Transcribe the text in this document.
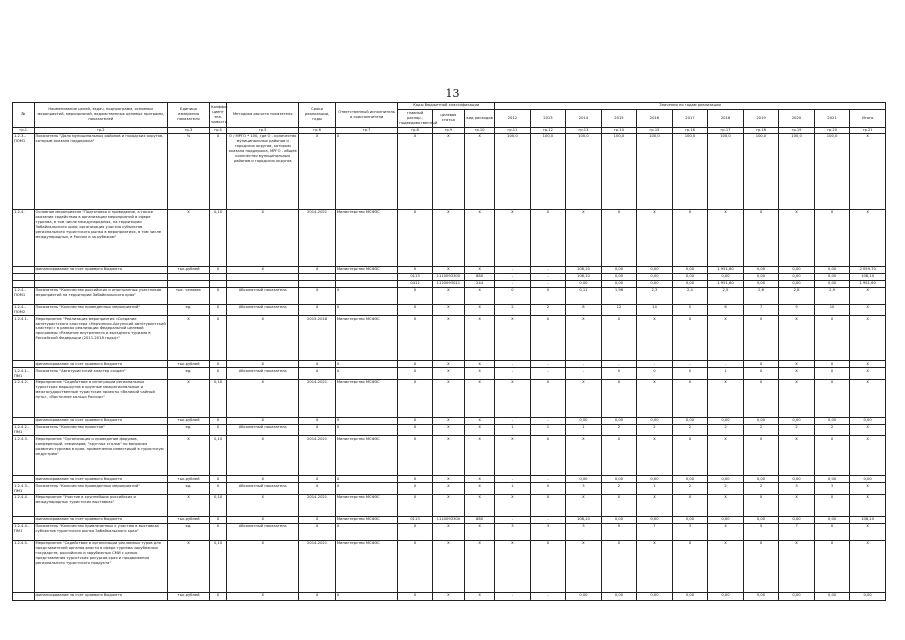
13
№	Наименование целей, задач, подпрограмм, основных мероприятий, мероприятий, ведомственных целевых программ, показателей	Единица измерения показателя	Коэффи- циент зна- чимости	Методика расчета показателя	Сроки реализации, годы	Ответственный исполнитель и соисполнители	Коды бюджетной классификации			Значения по годам реализации										
							главный распор., подведомственный	целевая статья	вид расходов	2012	2013	2014	2015	2016	2017	2018	2019	2020	2021	Итого
гр.1	гр.2	гр.3	гр.4	гр.5	гр.6	гр.7	гр.8	гр.9	гр.10	гр.11	гр.12	гр.13	гр.14	гр.15	гр.16	гр.17	гр.18	гр.19	гр.20	гр.21
1.2.3.-ПОМ1	Показатель "Доля муниципальных районов и городских округов, которым оказана поддержка"	%	X	О / МРГО * 100, где О - количество муниципальных районов и городских округов, которым оказана поддержка, МРГО - общее количество муниципальных районов и городских округов	X	X	X	X	X	100,0	100,0	100,0	100,0	100,0	100,0	100,0	100,0	100,0	100,0	X
1.2.4.	Основное мероприятие "Подготовка и проведение, а также оказание содействия в организации мероприятий в сфере туризма, в том числе международных, на территории Забайкальского края; организация участия субъектов регионального туристского рынка в мероприятиях, в том числе международных, в России и за рубежом"	X	0,10	X	2014-2021	Министерство МСФЗС	X	X	X	X	X	X	X	X	X	X	X	X	X	X
	финансирование за счет краевого бюджета	тыс.рублей	X	X	X	Министерство МСФЗС	X	X	X	-	-	108,10	0,00	0,00	0,00	1 951,60	0,00	0,00	0,00	2 059,70
							0113	1110093300	880	-	-	108,10	0,00	0,00	0,00	0,00	0,00	0,00	0,00	108,10
							0412	1120093011	244	-	-	0,00	0,00	0,00	0,00	1 951,60	0,00	0,00	0,00	1 951,60
1.2.4.-ПОМ1	Показатель "Количество российских и иностранных участников мероприятий на территории Забайкальского края"	тыс. человек	X	Абсолютный показатель	X	X	X	X	X	0	0	0,11	1,96	2,3	2,4	2,5	2,6	2,8	2,9	X
1.2.4.-ПОМ2	Показатель "Количество проведенных мероприятий"	ед.	X	Абсолютный показатель	X	X	X	X	X	2	2	8	12	14	5	6	7	9	10	X
1.2.4.1.	Мероприятие "Реализация мероприятия «Создание автотуристского кластера «Нерчинско-Аргунский автотуристский кластер»» в рамках реализации Федеральной целевой программы «Развитие внутреннего и въездного туризма в Российской Федерации (2011-2018 годы)»"	X	X	X	2015-2018	Министерство МСФЗС	X	X	X	X	X	X	X	X	X	X	X	X	X	X
	финансирование за счет краевого бюджета	тыс.рублей	X	X	X	X	X	X	X	-	-	-	-	-	-	-	X	X	X	X
1.2.4.1.-ПМ1	Показатель "Автотуристский кластер создан"	ед.	X	Абсолютный показатель	X	X	X	X	X	-	-	-	0	0	0	1	X	X	X	X
1.2.4.2.	Мероприятие "Содействие в интеграции региональных туристских маршрутов в крупные межрегиональные и межгосударственные туристские проекты «Великий чайный путь», «Восточное кольцо России»"	X	0,10	X	2014-2021	Министерство МСФЗС	X	X	X	X	X	X	X	X	X	X	X	X	X	X
	финансирование за счет краевого бюджета	тыс.рублей	X	X	X	X	X	X	X	-	-	0,00	0,00	0,00	0,00	0,00	0,00	0,00	0,00	0,00
1.2.4.2.-ПМ1	Показатель "Количество проектов"	ед.	X	Абсолютный показатель	X	X	X	X	X	1	1	1	2	2	2	2	2	2	2	X
1.2.4.3.	Мероприятие "Организация и проведение форумов, конференций, семинаров, "круглых столов" по вопросам развития туризма в крае, привлечения инвестиций в туристскую индустрию"	X	0,10	X	2014-2021	Министерство МСФЗС	X	X	X	X	X	X	X	X	X	X	X	X	X	X
	финансирование за счет краевого бюджета	тыс.рублей	X	X	X	X	X	X	X	-	-	0,00	0,00	0,00	0,00	0,00	0,00	0,00	0,00	0,00
1.2.4.3.-ПМ1	Показатель "Количество проведенных мероприятий"	ед.	X	Абсолютный показатель	X	X	X	X	X	1	0	3	2	1	2	2	2	3	3	X
1.2.4.4.	Мероприятие "Участие в крупнейших российских и международных туристских выставках"	X	0,10	X	2014-2021	Министерство МСФЗС	X	X	X	X	X	X	X	X	X	X	X	X	X	X
	финансирование за счет краевого бюджета	тыс.рублей	X	X	X	Министерство МСФЗС	0113	1110093300	880	-	-	108,10	0,00	0,00	0,00	0,00	0,00	0,00	0,00	108,10
1.2.4.4.-ПМ1	Показатель "Количество привлеченных к участию в выставках субъектов туристского рынка Забайкальского края"	ед.	X	Абсолютный показатель	X	X	X	X	X	3	3	3	5	7	3	4	5	7	X	X
1.2.4.5.	Мероприятие "Содействие в организации рекламных туров для представителей органов власти в сфере туризма зарубежных государств, российских и зарубежных СМИ с целью представления туристских ресурсов края и продвижения регионального туристского продукта"	X	0,10	X	2014-2021	Министерство МСФЗС	X	X	X	X	X	X	X	X	X	X	X	X	X	X
	финансирование за счет краевого бюджета	тыс.рублей	X	X	X	X	X	X	X	-	-	0,00	0,00	0,00	0,00	0,00	0,00	0,00	0,00	0,00
